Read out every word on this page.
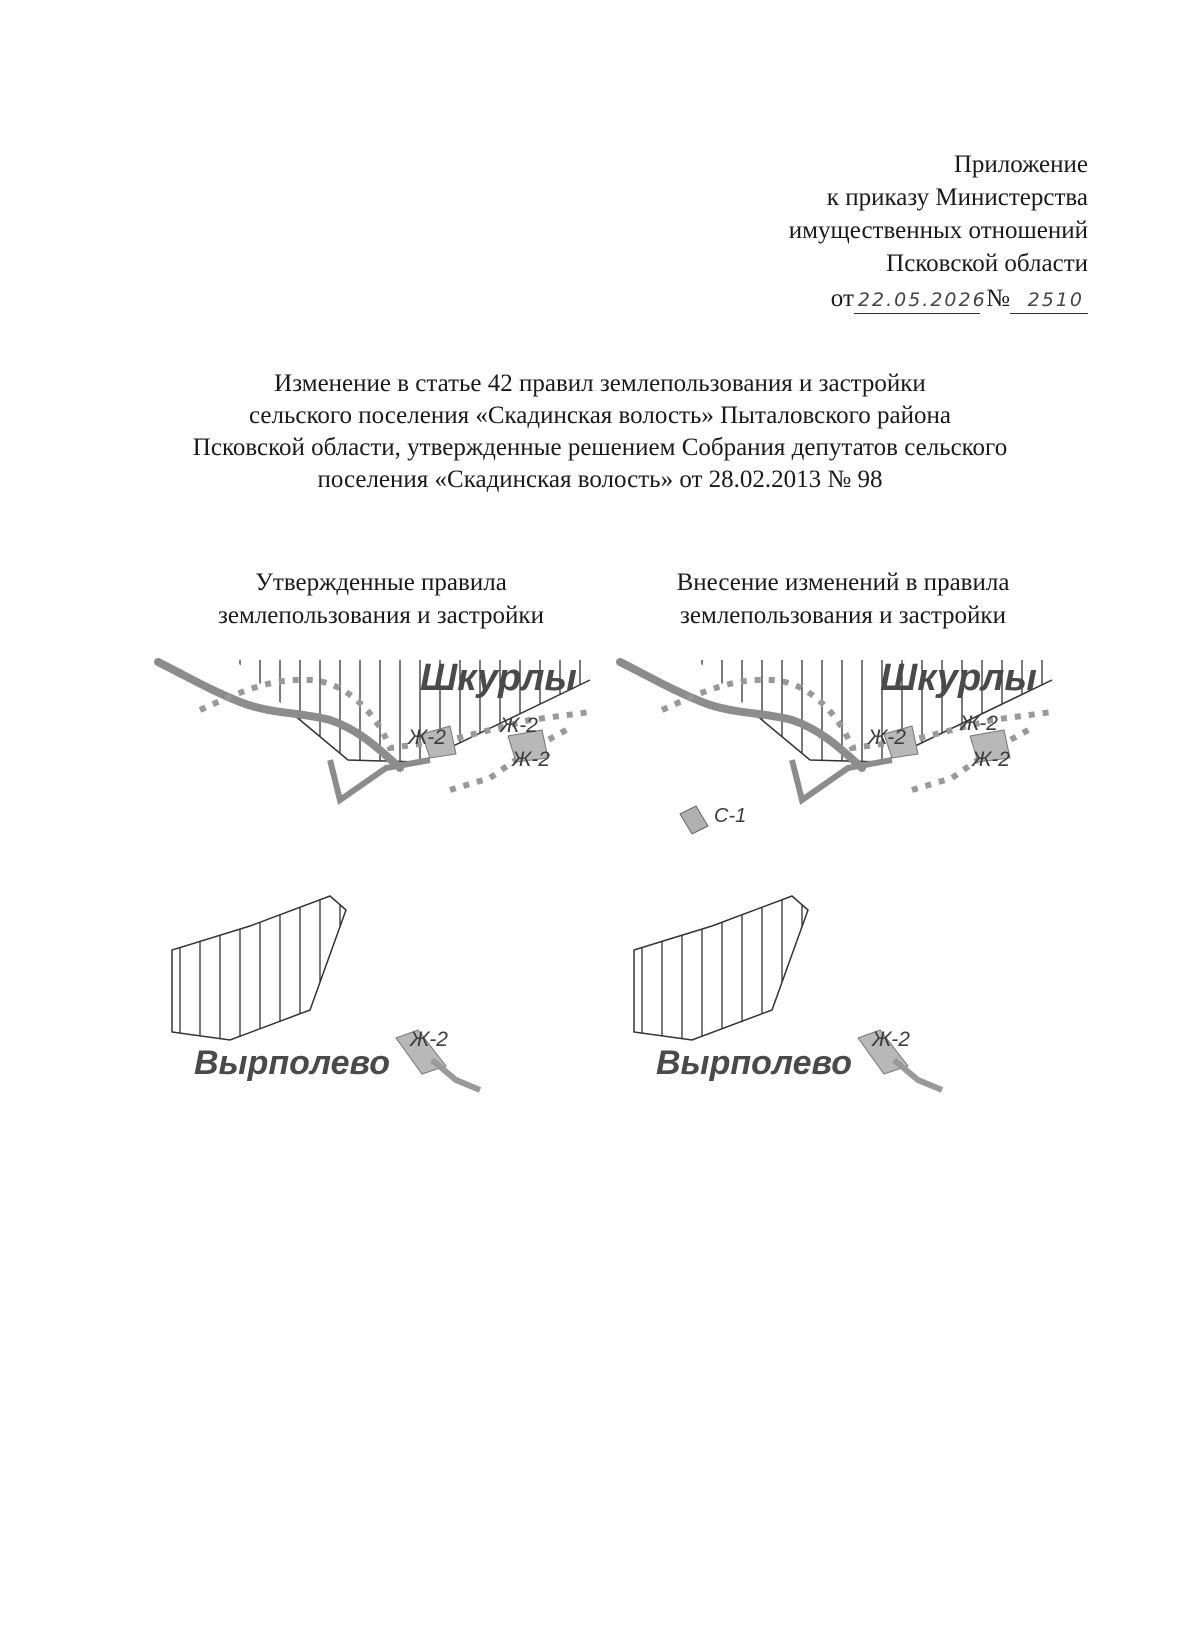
Приложение
к приказу Министерства
имущественных отношений
Псковской области
от 22.05.2026 № 2510
Изменение в статье 42 правил землепользования и застройки
сельского поселения «Скадинская волость» Пыталовского района
Псковской области, утвержденные решением Собрания депутатов сельского
поселения «Скадинская волость» от 28.02.2013 № 98
Утвержденные правила
землепользования и застройки
Внесение изменений в правила
землепользования и застройки
Шкурлы
Ж-2
Ж-2
Ж-2
Вырполево
Ж-2
Шкурлы
Ж-2
Ж-2
Ж-2
С-1
Вырполево
Ж-2
